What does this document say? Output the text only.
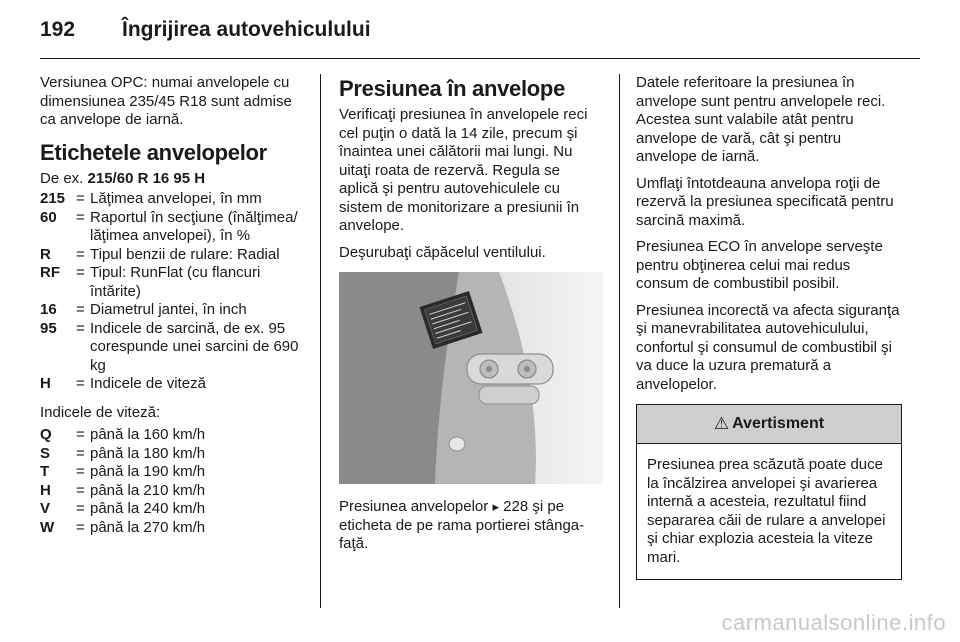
192 Îngrijirea autovehiculului

Versiunea OPC: numai anvelopele cu dimensiunea 235/45 R18 sunt admise ca anvelope de iarnă.

Etichetele anvelopelor

De ex. 215/60 R 16 95 H

215 = Lăţimea anvelopei, în mm
60	= Raportul în secţiune (înălţimea/ lăţimea anvelopei), în %
R	= Tipul benzii de rulare: Radial
RF	= Tipul: RunFlat (cu flancuri întărite)
16	= Diametrul jantei, în inch
95	= Indicele de sarcină, de ex. 95 corespunde unei sarcini de 690 kg
H	= Indicele de viteză

Indicele de viteză:

Q	= până la 160 km/h
S	= până la 180 km/h
T	= până la 190 km/h
H	= până la 210 km/h
V	= până la 240 km/h
W	= până la 270 km/h
Presiunea în anvelope

Verificaţi presiunea în anvelopele reci cel puţin o dată la 14 zile, precum şi înaintea unei călătorii mai lungi. Nu uitaţi roata de rezervă. Regula se aplică şi pentru autovehiculele cu sistem de monitorizare a presiunii în anvelope.

Deşurubaţi căpăcelul ventilului.

Presiunea anvelopelor ▸ 228 şi pe eticheta de pe rama portierei stânga-faţă.

Datele referitoare la presiunea în anvelope sunt pentru anvelopele reci. Acestea sunt valabile atât pentru anvelope de vară, cât şi pentru anvelope de iarnă.

Umflaţi întotdeauna anvelopa roţii de rezervă la presiunea specificată pentru sarcină maximă.

Presiunea ECO în anvelope serveşte pentru obţinerea celui mai redus consum de combustibil posibil.

Presiunea incorectă va afecta siguranţa şi manevrabilitatea autovehiculului, confortul şi consumul de combustibil şi va duce la uzura prematură a anvelopelor.

⚠ Avertisment
Presiunea prea scăzută poate duce la încălzirea anvelopei şi avarierea internă a acesteia, rezultatul fiind separarea căii de rulare a anvelopei şi chiar explozia acesteia la viteze mari.
carmanualsonline.info
